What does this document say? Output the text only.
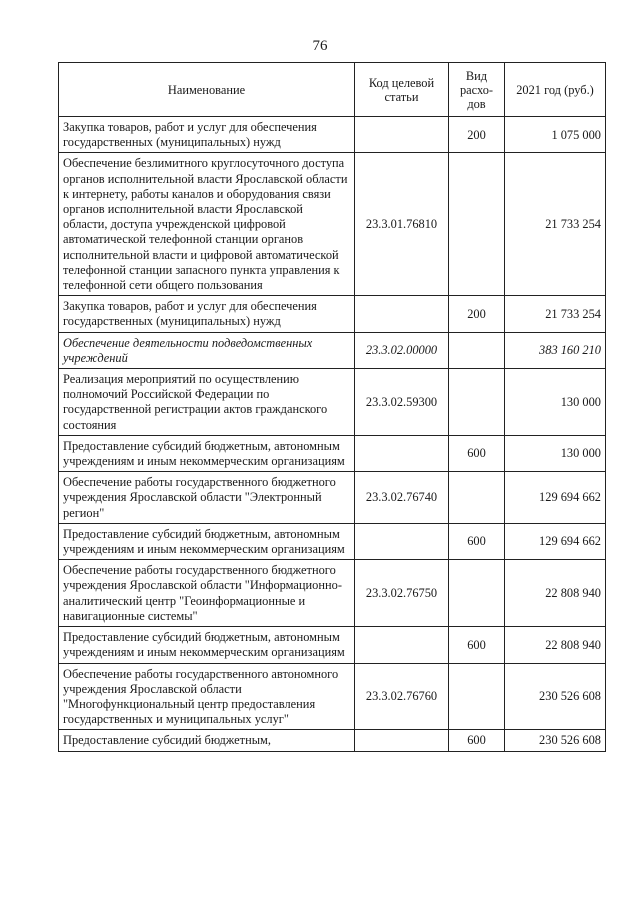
76
Наименование	Код целевой статьи	Вид расхо-дов	2021 год (руб.)
Закупка товаров, работ и услуг для обеспечения государственных (муниципальных) нужд		200	1 075 000
Обеспечение безлимитного круглосуточного доступа органов исполнительной власти Ярославской области к интернету, работы каналов и оборудования связи органов исполнительной власти Ярославской области, доступа учрежденской цифровой автоматической телефонной станции органов исполнительной власти и цифровой автоматической телефонной станции запасного пункта управления к телефонной сети общего пользования	23.3.01.76810		21 733 254
Закупка товаров, работ и услуг для обеспечения государственных (муниципальных) нужд		200	21 733 254
Обеспечение деятельности подведомственных учреждений	23.3.02.00000		383 160 210
Реализация мероприятий по осуществлению полномочий Российской Федерации по государственной регистрации актов гражданского состояния	23.3.02.59300		130 000
Предоставление субсидий бюджетным, автономным учреждениям и иным некоммерческим организациям		600	130 000
Обеспечение работы государственного бюджетного учреждения Ярославской области "Электронный регион"	23.3.02.76740		129 694 662
Предоставление субсидий бюджетным, автономным учреждениям и иным некоммерческим организациям		600	129 694 662
Обеспечение работы государственного бюджетного учреждения Ярославской области "Информационно-аналитический центр "Геоинформационные и навигационные системы"	23.3.02.76750		22 808 940
Предоставление субсидий бюджетным, автономным учреждениям и иным некоммерческим организациям		600	22 808 940
Обеспечение работы государственного автономного учреждения Ярославской области "Многофункциональный центр предоставления государственных и муниципальных услуг"	23.3.02.76760		230 526 608
Предоставление субсидий бюджетным,		600	230 526 608
